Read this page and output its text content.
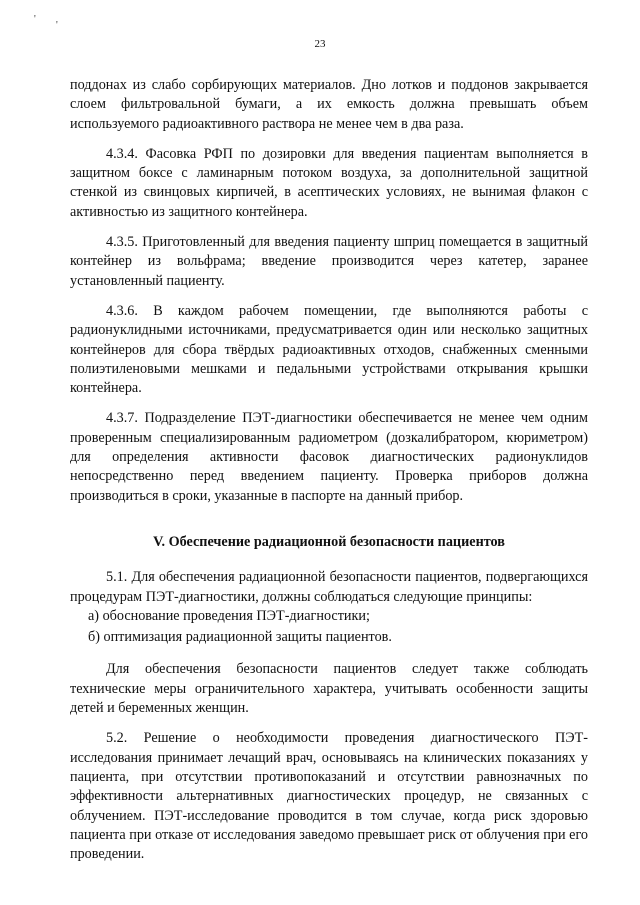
'
'
23

поддонах из слабо сорбирующих материалов. Дно лотков и поддонов закрывается слоем фильтровальной бумаги, а их емкость должна превышать объем используемого радиоактивного раствора не менее чем в два раза.

4.3.4. Фасовка РФП по дозировки для введения пациентам выполняется в защитном боксе с ламинарным потоком воздуха, за дополнительной защитной стенкой из свинцовых кирпичей, в асептических условиях, не вынимая флакон с активностью из защитного контейнера.

4.3.5. Приготовленный для введения пациенту шприц помещается в защитный контейнер из вольфрама; введение производится через катетер, заранее установленный пациенту.

4.3.6. В каждом рабочем помещении, где выполняются работы с радионуклидными источниками, предусматривается один или несколько защитных контейнеров для сбора твёрдых радиоактивных отходов, снабженных сменными полиэтиленовыми мешками и педальными устройствами открывания крышки контейнера.

4.3.7. Подразделение ПЭТ-диагностики обеспечивается не менее чем одним проверенным специализированным радиометром (дозкалибратором, кюриметром) для определения активности фасовок диагностических радионуклидов непосредственно перед введением пациенту. Проверка приборов должна производиться в сроки, указанные в паспорте на данный прибор.

V. Обеспечение радиационной безопасности пациентов

5.1. Для обеспечения радиационной безопасности пациентов, подвергающихся процедурам ПЭТ-диагностики, должны соблюдаться следующие принципы:

а) обоснование проведения ПЭТ-диагностики;
б) оптимизация радиационной защиты пациентов.

Для обеспечения безопасности пациентов следует также соблюдать технические меры ограничительного характера, учитывать особенности защиты детей и беременных женщин.

5.2. Решение о необходимости проведения диагностического ПЭТ-исследования принимает лечащий врач, основываясь на клинических показаниях у пациента, при отсутствии противопоказаний и отсутствии равнозначных по эффективности альтернативных диагностических процедур, не связанных с облучением. ПЭТ-исследование проводится в том случае, когда риск здоровью пациента при отказе от исследования заведомо превышает риск от облучения при его проведении.
